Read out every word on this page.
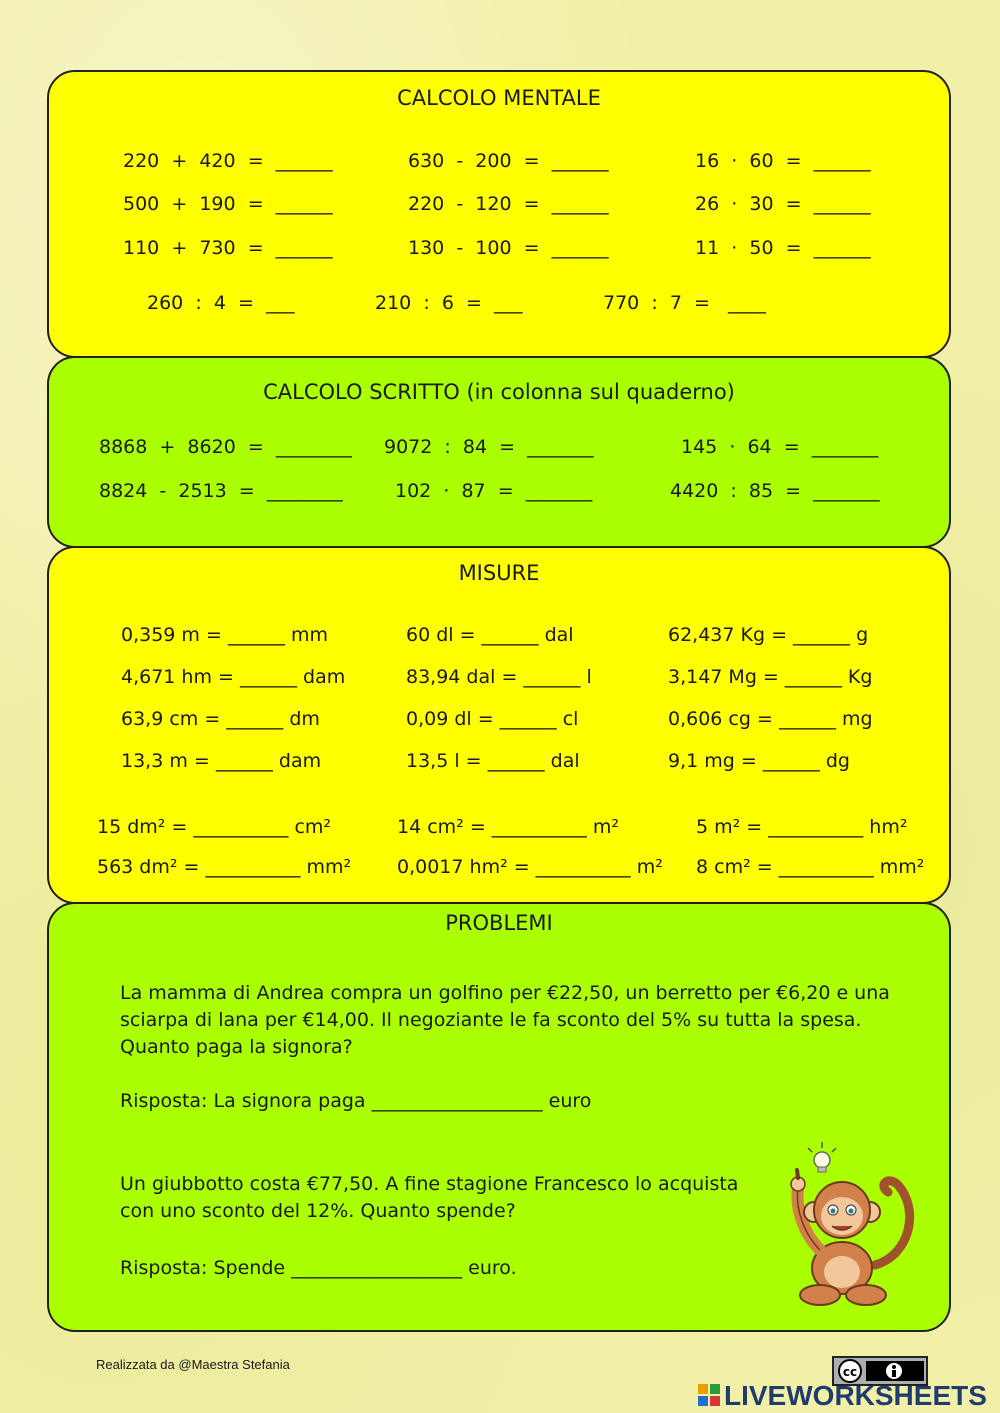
CALCOLO MENTALE
220  +  420  =  ______	630  -  200  =  ______	16  ·  60  =  ______
500  +  190  =  ______	220  -  120  =  ______	26  ·  30  =  ______
110  +  730  =  ______	130  -  100  =  ______	11  ·  50  =  ______
260  :  4  =  ___	210  :  6  =  ___	770  :  7  =   ____
CALCOLO SCRITTO (in colonna sul quaderno)
8868  +  8620  =  ________ 9072  :  84  =  _______	145  ·  64  =  _______
8824  -  2513  =  ________	102  ·  87  =  _______	4420  :  85  =  _______
MISURE
0,359 m = ______ mm	60 dl = ______ dal	62,437 Kg = ______ g
4,671 hm = ______ dam	83,94 dal = ______ l	3,147 Mg = ______ Kg
63,9 cm = ______ dm	0,09 dl = ______ cl	0,606 cg = ______ mg
13,3 m = ______ dam	13,5 l = ______ dal	9,1 mg = ______ dg
15 dm² = __________ cm²	14 cm² = __________ m²	5 m² = __________ hm²
563 dm² = __________ mm² 0,0017 hm² = __________ m² 8 cm² = __________ mm²
PROBLEMI
La mamma di Andrea compra un golfino per €22,50, un berretto per €6,20 e una
sciarpa di lana per €14,00. Il negoziante le fa sconto del 5% su tutta la spesa.
Quanto paga la signora?
Risposta: La signora paga __________________ euro
Un giubbotto costa €77,50. A fine stagione Francesco lo acquista
con uno sconto del 12%. Quanto spende?
Risposta: Spende __________________ euro.
Realizzata da @Maestra Stefania	cc
LIVEWORKSHEETS
